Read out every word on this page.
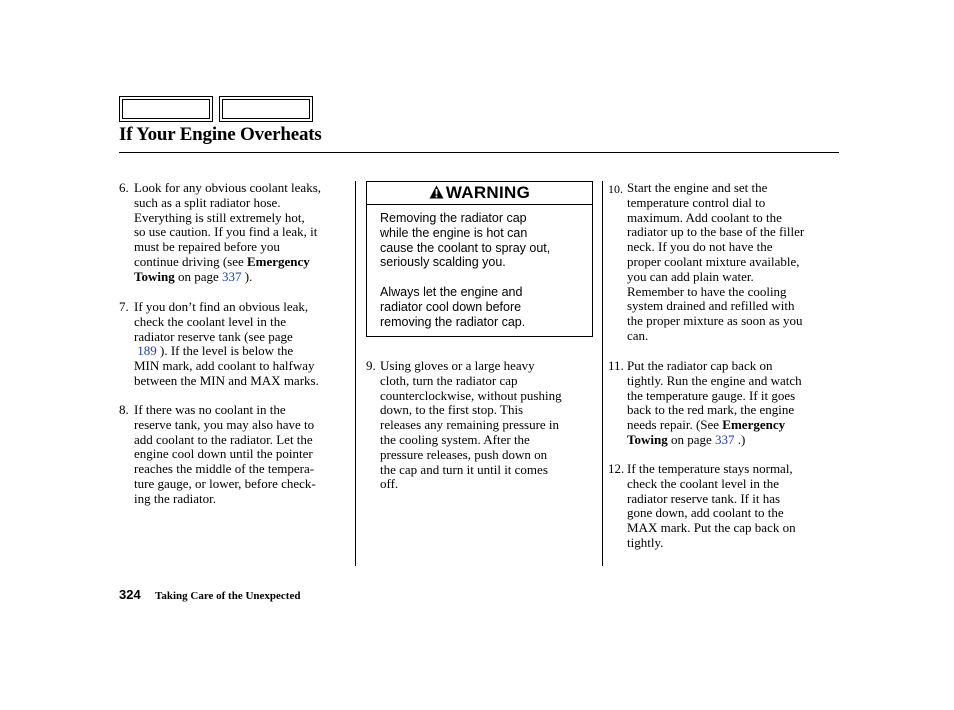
If Your Engine Overheats
6. Look for any obvious coolant leaks,
such as a split radiator hose.
Everything is still extremely hot,
so use caution. If you find a leak, it
must be repaired before you
continue driving (see Emergency
Towing on page 337 ).
7. If you don’t find an obvious leak,
check the coolant level in the
radiator reserve tank (see page
189 ). If the level is below the
MIN mark, add coolant to halfway
between the MIN and MAX marks.
8. If there was no coolant in the
reserve tank, you may also have to
add coolant to the radiator. Let the
engine cool down until the pointer
reaches the middle of the tempera-
ture gauge, or lower, before check-
ing the radiator.
WARNING
Removing the radiator cap
while the engine is hot can
cause the coolant to spray out,
seriously scalding you.
Always let the engine and
radiator cool down before
removing the radiator cap.
9. Using gloves or a large heavy
cloth, turn the radiator cap
counterclockwise, without pushing
down, to the first stop. This
releases any remaining pressure in
the cooling system. After the
pressure releases, push down on
the cap and turn it until it comes
off.
10. Start the engine and set the
temperature control dial to
maximum. Add coolant to the
radiator up to the base of the filler
neck. If you do not have the
proper coolant mixture available,
you can add plain water.
Remember to have the cooling
system drained and refilled with
the proper mixture as soon as you
can.
11. Put the radiator cap back on
tightly. Run the engine and watch
the temperature gauge. If it goes
back to the red mark, the engine
needs repair. (See Emergency
Towing on page 337 .)
12. If the temperature stays normal,
check the coolant level in the
radiator reserve tank. If it has
gone down, add coolant to the
MAX mark. Put the cap back on
tightly.
324 Taking Care of the Unexpected
